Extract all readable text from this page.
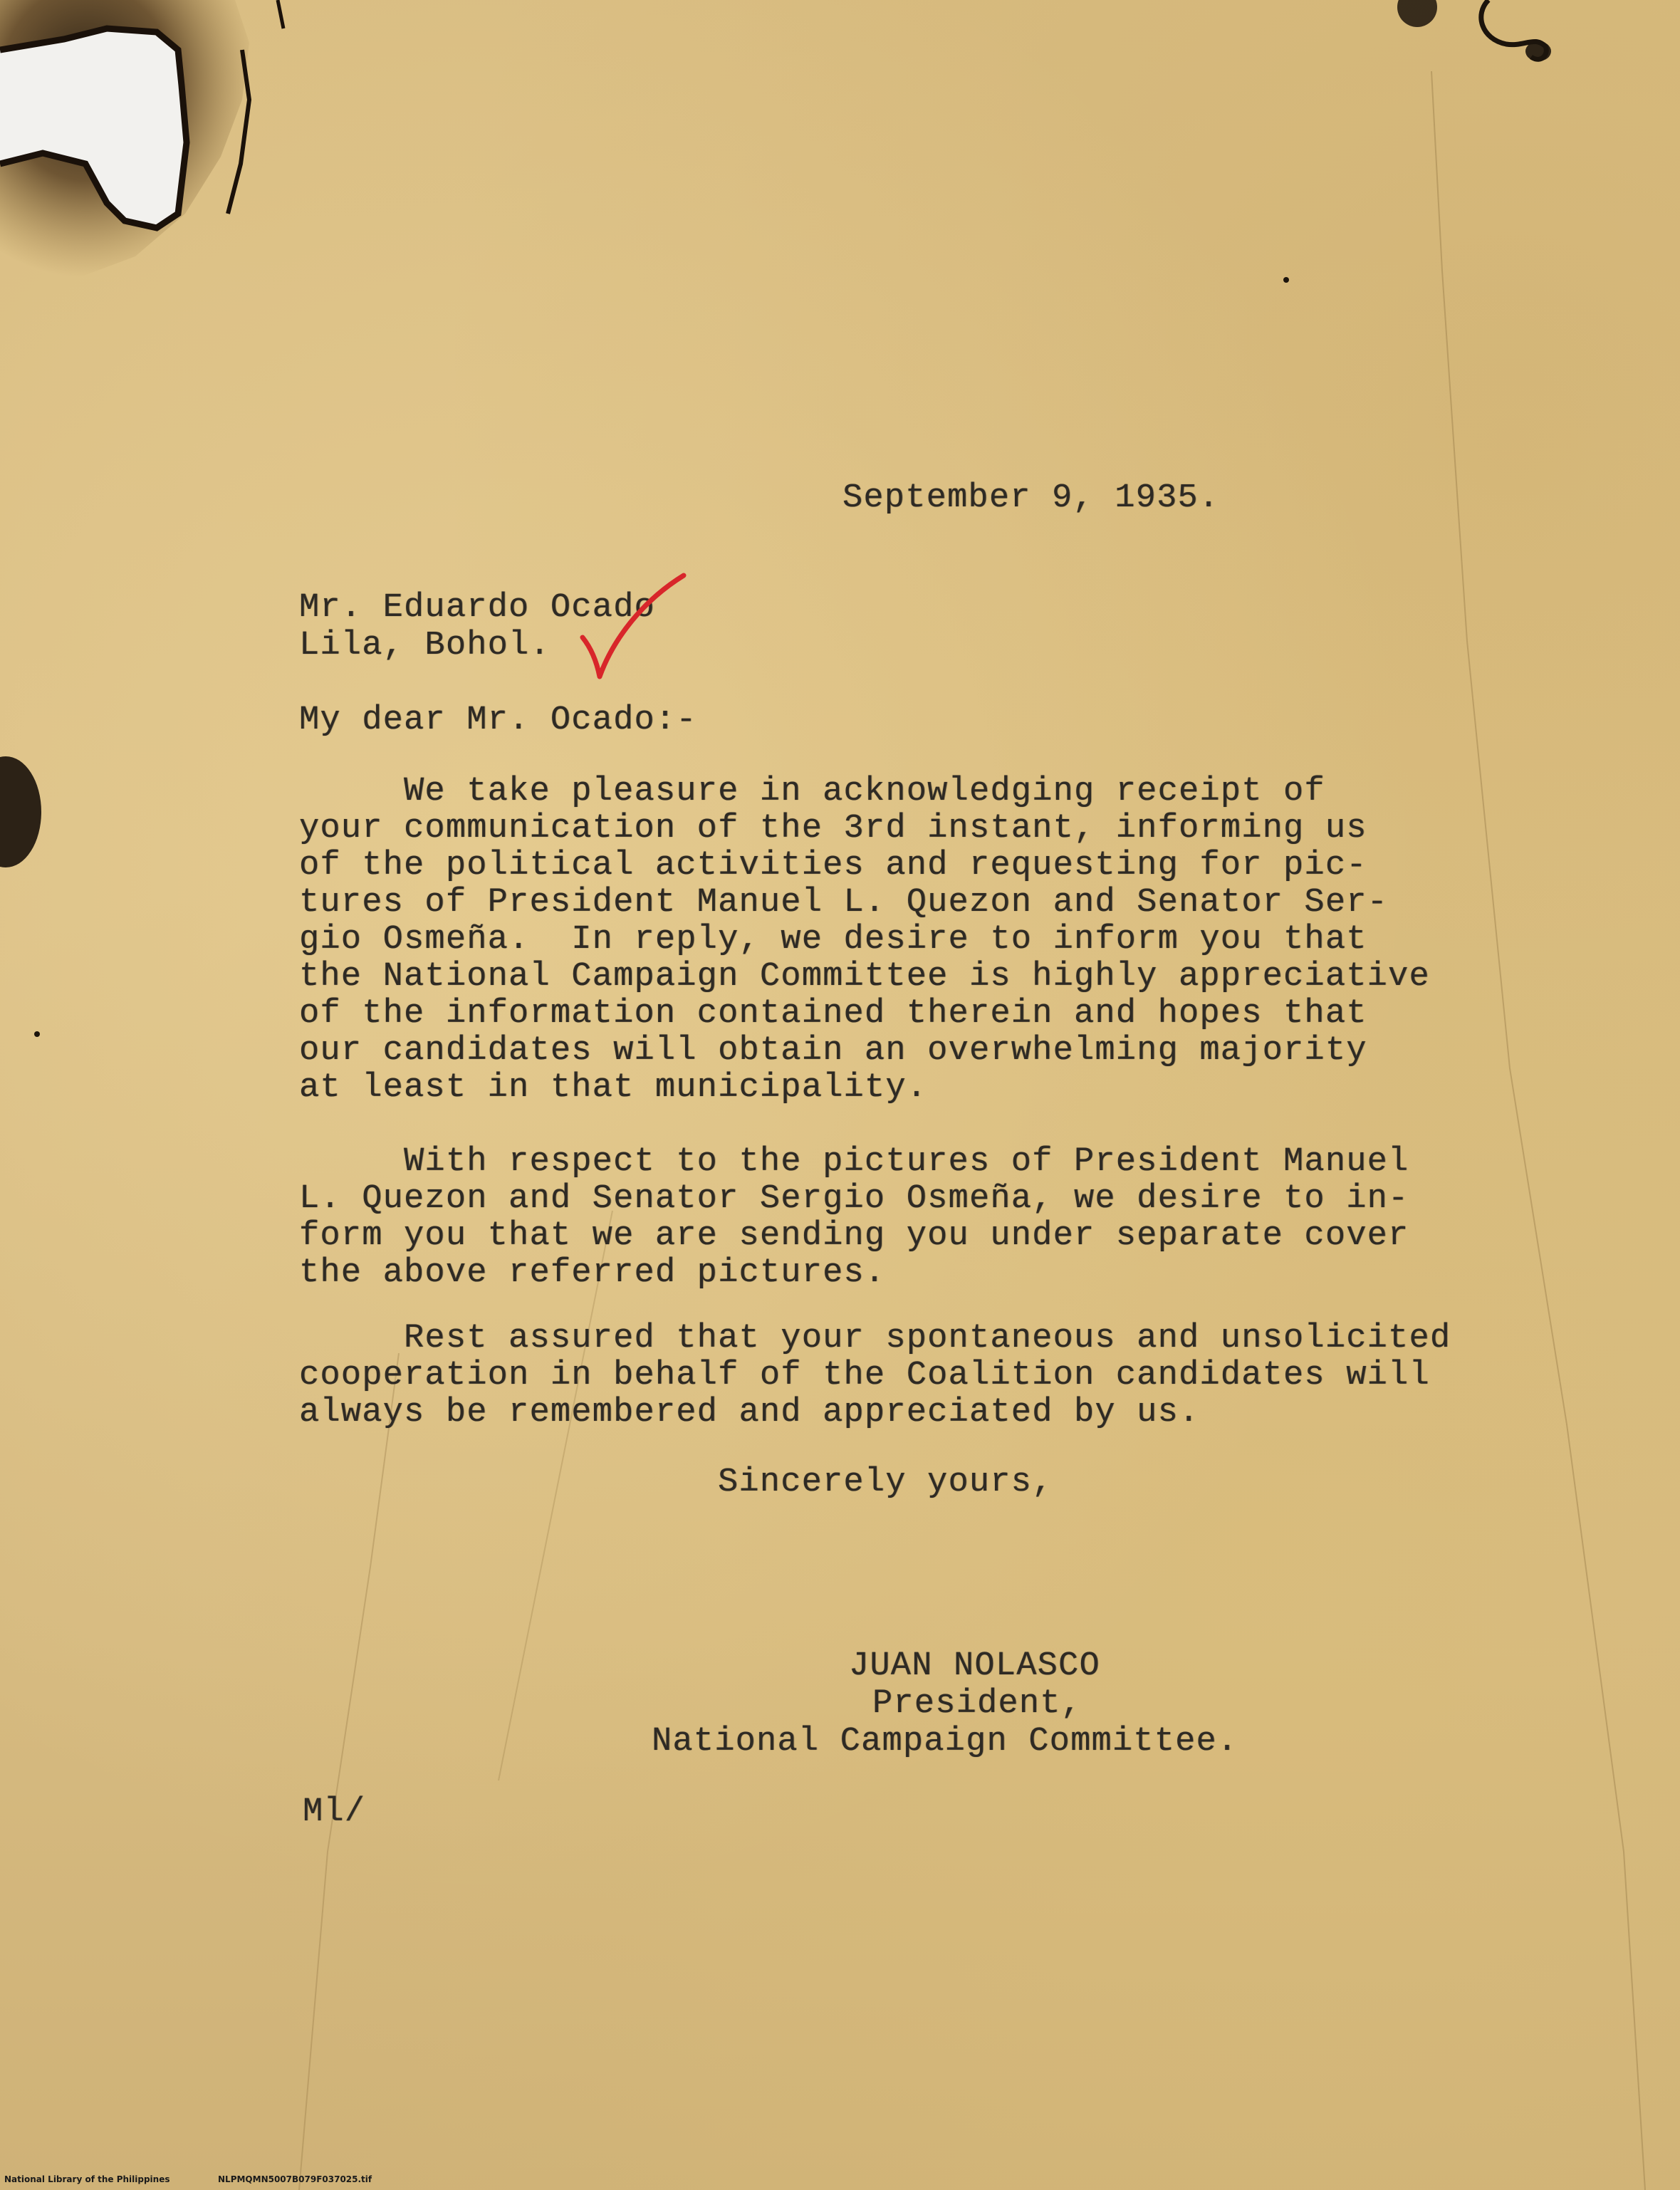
September 9, 1935.
Mr. Eduardo Ocado
Lila, Bohol.
My dear Mr. Ocado:-
We take pleasure in acknowledging receipt of
your communication of the 3rd instant, informing us
of the political activities and requesting for pic-
tures of President Manuel L. Quezon and Senator Ser-
gio Osmeña.  In reply, we desire to inform you that
the National Campaign Committee is highly appreciative
of the information contained therein and hopes that
our candidates will obtain an overwhelming majority
at least in that municipality.
With respect to the pictures of President Manuel
L. Quezon and Senator Sergio Osmeña, we desire to in-
form you that we are sending you under separate cover
the above referred pictures.
Rest assured that your spontaneous and unsolicited
cooperation in behalf of the Coalition candidates will
always be remembered and appreciated by us.
Sincerely yours,
JUAN NOLASCO
President,
National Campaign Committee.
Ml/
National Library of the Philippines	NLPMQMN5007B079F037025.tif
